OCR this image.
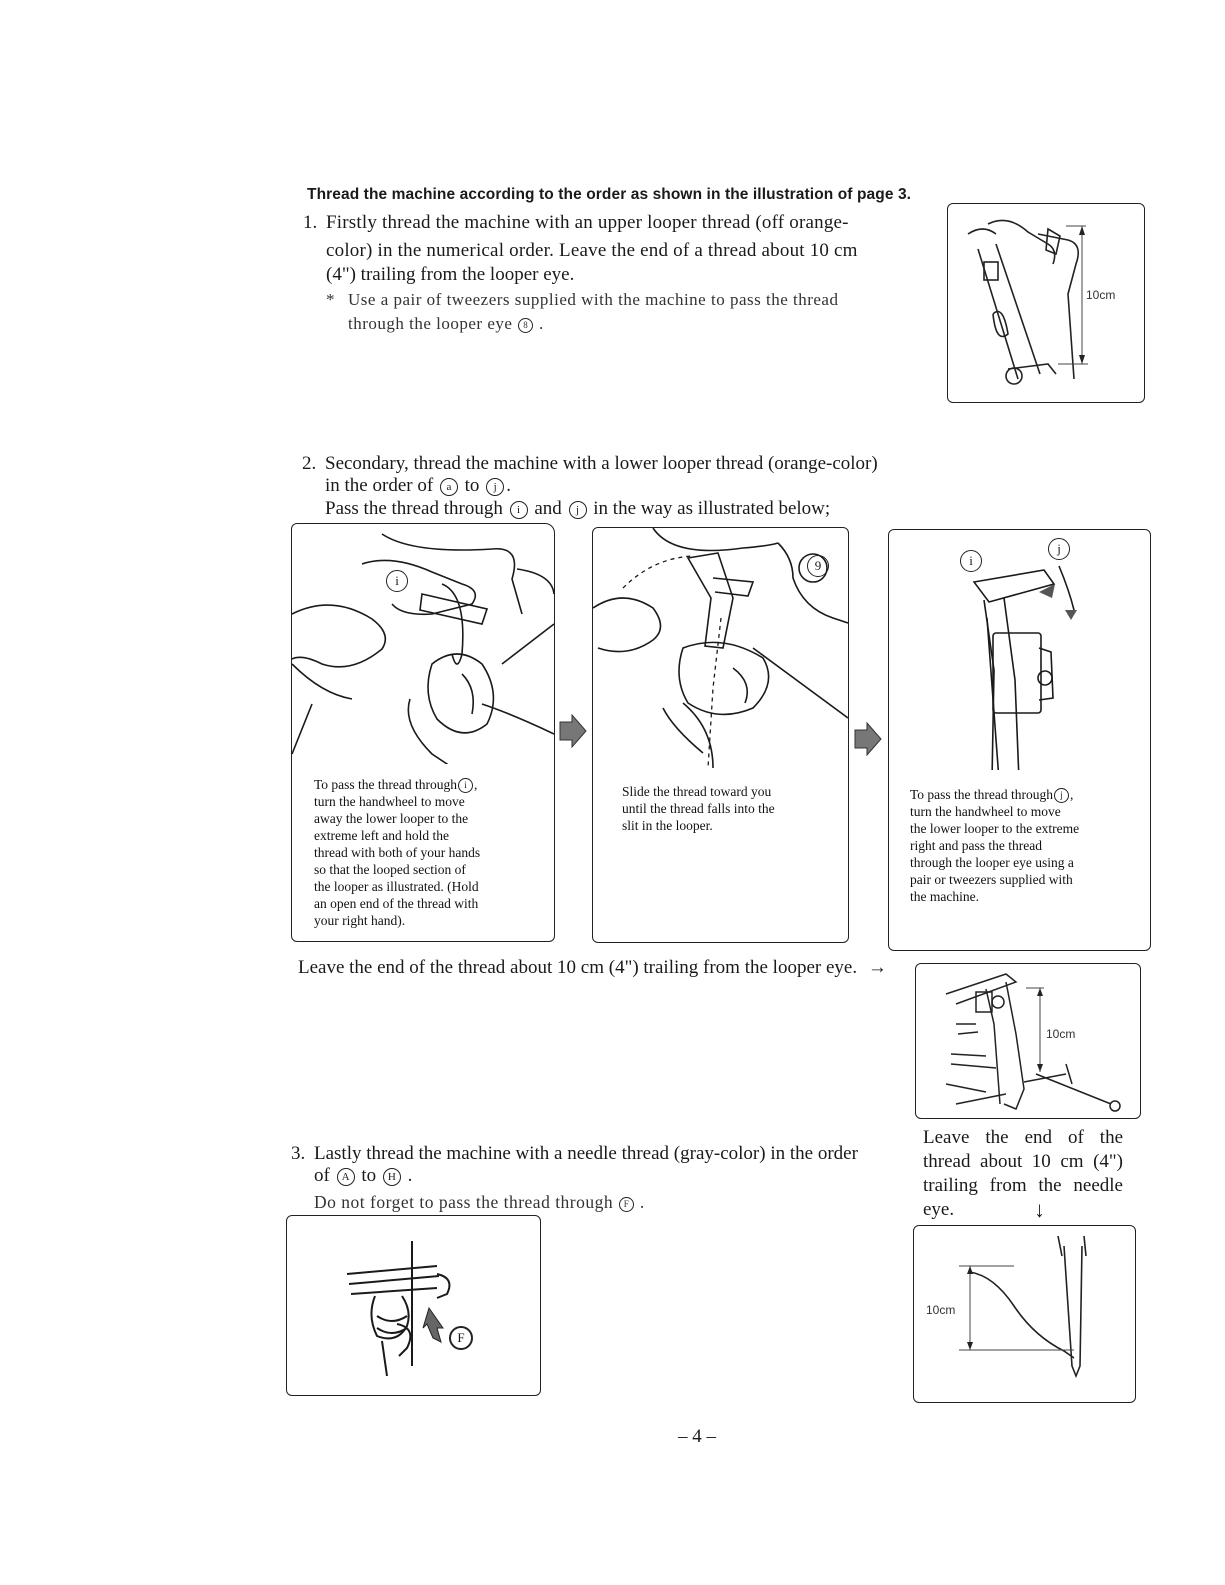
Thread the machine according to the order as shown in the illustration of page 3.
1. Firstly thread the machine with an upper looper thread (off orange-
color) in the numerical order. Leave the end of a thread about 10 cm
(4") trailing from the looper eye.
* Use a pair of tweezers supplied with the machine to pass the thread
through the looper eye 8 .
10cm
2. Secondary, thread the machine with a lower looper thread (orange-color)
in the order of a to j .
Pass the thread through i and j in the way as illustrated below;
i
To pass the thread through i ,
turn the handwheel to move
away the lower looper to the
extreme left and hold the
thread with both of your hands
so that the looped section of
the looper as illustrated. (Hold
an open end of the thread with
your right hand).
9
Slide the thread toward you
until the thread falls into the
slit in the looper.
i
j
To pass the thread through j ,
turn the handwheel to move
the lower looper to the extreme
right and pass the thread
through the looper eye using a
pair or tweezers supplied with
the machine.
Leave the end of the thread about 10 cm (4") trailing from the looper eye. →
10cm
3. Lastly thread the machine with a needle thread (gray-color) in the order
of A to H .
Do not forget to pass the thread through F .
F
Leave the end of the
thread about 10 cm (4")
trailing from the needle
eye.	↓
10cm
– 4 –
